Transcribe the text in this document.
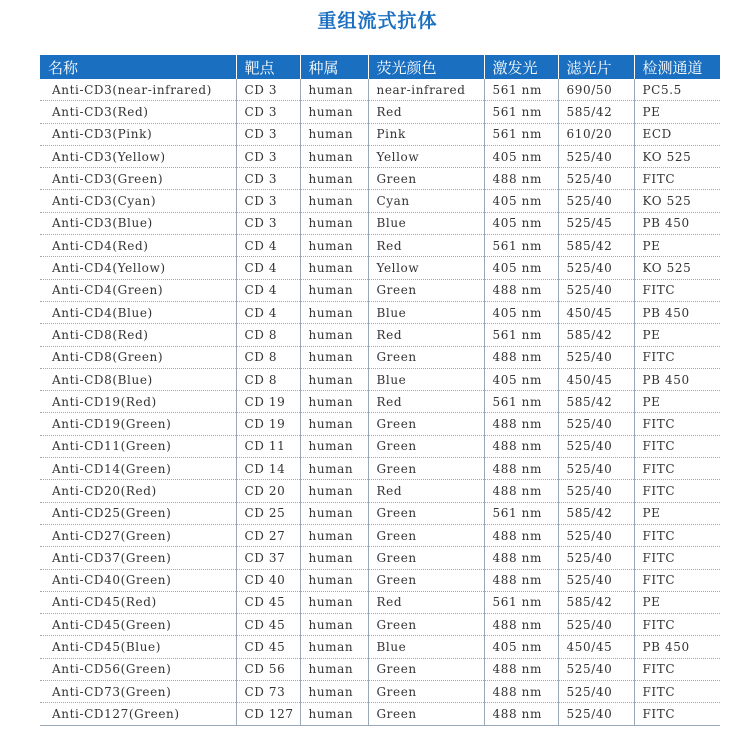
重组流式抗体
名称	靶点	种属	荧光颜色	激发光	滤光片	检测通道
Anti-CD3(near-infrared)	CD 3	human	near-infrared	561 nm	690/50	PC5.5
Anti-CD3(Red)	CD 3	human	Red	561 nm	585/42	PE
Anti-CD3(Pink)	CD 3	human	Pink	561 nm	610/20	ECD
Anti-CD3(Yellow)	CD 3	human	Yellow	405 nm	525/40	KO 525
Anti-CD3(Green)	CD 3	human	Green	488 nm	525/40	FITC
Anti-CD3(Cyan)	CD 3	human	Cyan	405 nm	525/40	KO 525
Anti-CD3(Blue)	CD 3	human	Blue	405 nm	525/45	PB 450
Anti-CD4(Red)	CD 4	human	Red	561 nm	585/42	PE
Anti-CD4(Yellow)	CD 4	human	Yellow	405 nm	525/40	KO 525
Anti-CD4(Green)	CD 4	human	Green	488 nm	525/40	FITC
Anti-CD4(Blue)	CD 4	human	Blue	405 nm	450/45	PB 450
Anti-CD8(Red)	CD 8	human	Red	561 nm	585/42	PE
Anti-CD8(Green)	CD 8	human	Green	488 nm	525/40	FITC
Anti-CD8(Blue)	CD 8	human	Blue	405 nm	450/45	PB 450
Anti-CD19(Red)	CD 19	human	Red	561 nm	585/42	PE
Anti-CD19(Green)	CD 19	human	Green	488 nm	525/40	FITC
Anti-CD11(Green)	CD 11	human	Green	488 nm	525/40	FITC
Anti-CD14(Green)	CD 14	human	Green	488 nm	525/40	FITC
Anti-CD20(Red)	CD 20	human	Red	488 nm	525/40	FITC
Anti-CD25(Green)	CD 25	human	Green	561 nm	585/42	PE
Anti-CD27(Green)	CD 27	human	Green	488 nm	525/40	FITC
Anti-CD37(Green)	CD 37	human	Green	488 nm	525/40	FITC
Anti-CD40(Green)	CD 40	human	Green	488 nm	525/40	FITC
Anti-CD45(Red)	CD 45	human	Red	561 nm	585/42	PE
Anti-CD45(Green)	CD 45	human	Green	488 nm	525/40	FITC
Anti-CD45(Blue)	CD 45	human	Blue	405 nm	450/45	PB 450
Anti-CD56(Green)	CD 56	human	Green	488 nm	525/40	FITC
Anti-CD73(Green)	CD 73	human	Green	488 nm	525/40	FITC
Anti-CD127(Green)	CD 127	human	Green	488 nm	525/40	FITC
